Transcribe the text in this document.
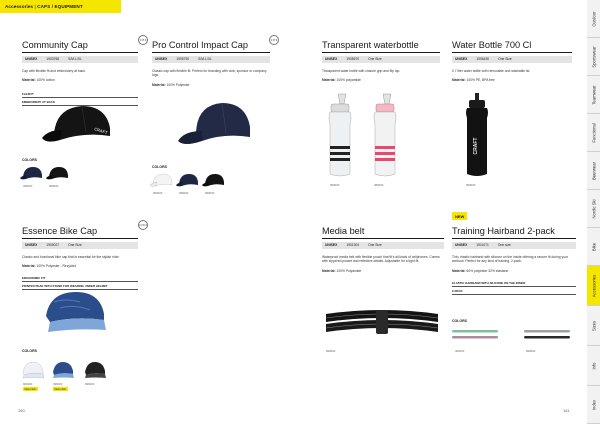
Accessories | CAPS / EQUIPMENT
Community Cap
UNISEX	1903766	S/M-L/XL
Cap with flexible fit and embroidery at back.
Material: 100% cotton
FLEXFIT
EMBROIDERY AT BACK
9.95 €
CRAFT
COLORS
396000	999000
Pro Control Impact Cap
UNISEX	1905790	S/M-L/XL
Classic cap with flexible fit. Perfect for branding with club, sponsor or company logo.
Material: 100% Polyester
9.95 €
COLORS
900000	396000	999000
Transparent waterbottle
UNISEX	1905670	One Size
Transparent water bottle with closure grip and flip top.
Material: 100% polyamide
999000	480000
Water Bottle 700 Cl
UNISEX	1906430	One Size
0.7 liter water bottle with removable and washable lid.
Material: 100% PE, BPA free
CRAFT
999000
Essence Bike Cap
UNISEX	1909027	One Size
Classic and functional bike cap that is essential for the stylish rider.
Material: 100% Polyester - Recycled
ERGONOMIC FIT
PRINTED PEAK WITH STAND FOR WEARING UNDER HELMET
19.95 €
COLORS
900000	396000	999000
New color	New color
Media belt
UNISEX	1901304	One Size
Waterproof media belt with flexible pouch that fit's all kinds of cellphones. Comes with zippered pocket and reflective details. Adjustable for a tight fit.
Material: 100% Polyamide
999000
NEW
Training Hairband 2-pack
UNISEX	1911071	One size
Thin, elastic hairband with silicone on the inside offering a secure fit during your workout. Perfect for any kind of training. 2-pack.
Material: 60% polyester 32% elastane
ELASTIC HAIRBAND WITH SILICONE ON THE INSIDE
2-PACK
COLORS
462000	999000
Outdoor
Sportswear
Teamwear
Functional
Beerwear
Nordic Ski
Bike
Accessories
Sizes
Info
Index
160	161
